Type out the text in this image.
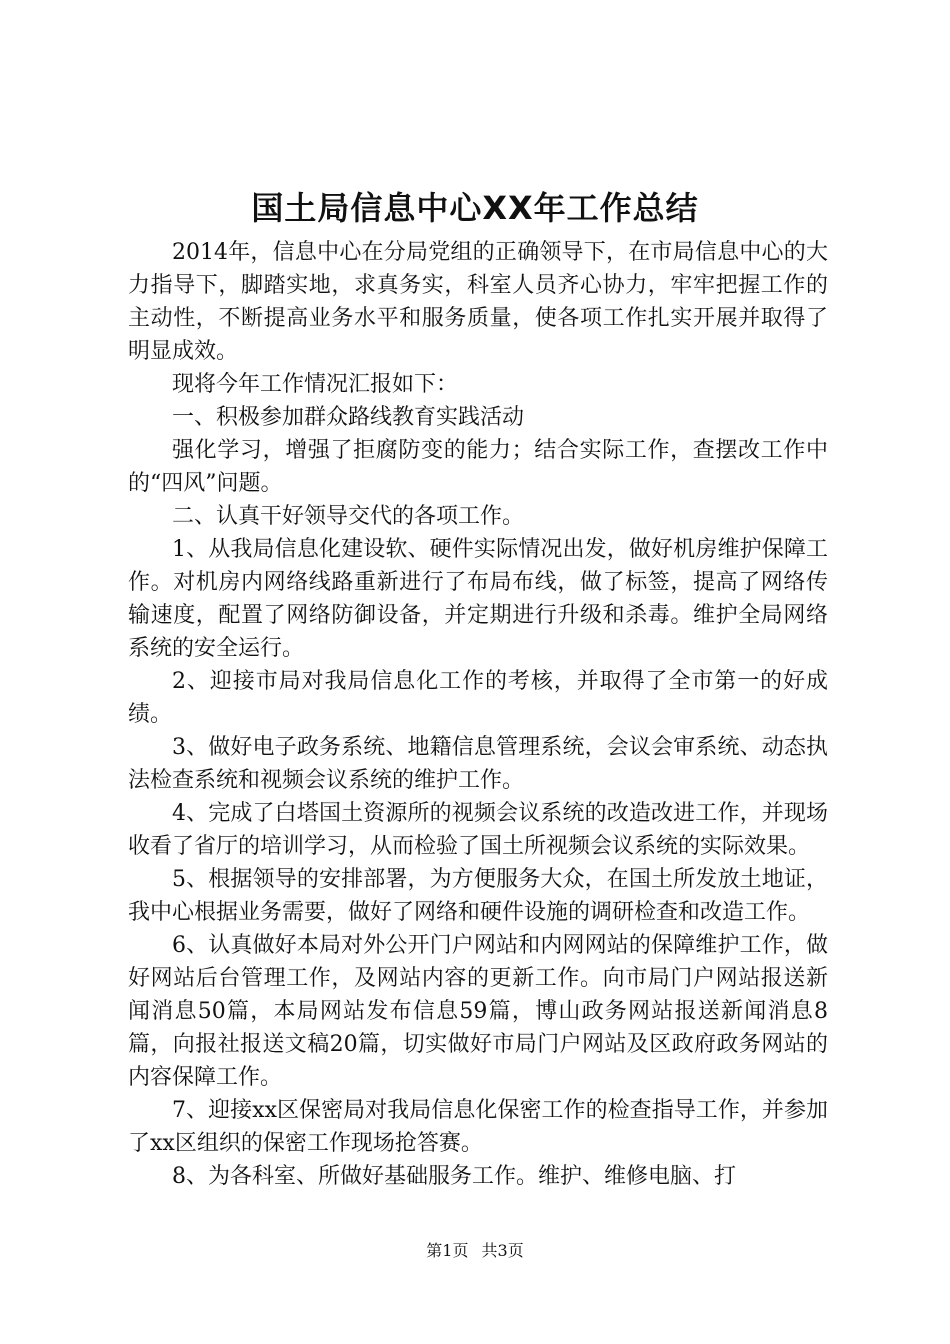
国土局信息中心XX年工作总结

2014年，信息中心在分局党组的正确领导下，在市局信息中心的大力指导下，脚踏实地，求真务实，科室人员齐心协力，牢牢把握工作的主动性，不断提高业务水平和服务质量，使各项工作扎实开展并取得了明显成效。

现将今年工作情况汇报如下：

一、积极参加群众路线教育实践活动

强化学习，增强了拒腐防变的能力；结合实际工作，查摆改工作中的“四风”问题。

二、认真干好领导交代的各项工作。

1、从我局信息化建设软、硬件实际情况出发，做好机房维护保障工作。对机房内网络线路重新进行了布局布线，做了标签，提高了网络传输速度，配置了网络防御设备，并定期进行升级和杀毒。维护全局网络系统的安全运行。

2、迎接市局对我局信息化工作的考核，并取得了全市第一的好成绩。

3、做好电子政务系统、地籍信息管理系统，会议会审系统、动态执法检查系统和视频会议系统的维护工作。

4、完成了白塔国土资源所的视频会议系统的改造改进工作，并现场收看了省厅的培训学习，从而检验了国土所视频会议系统的实际效果。

5、根据领导的安排部署，为方便服务大众，在国土所发放土地证，我中心根据业务需要，做好了网络和硬件设施的调研检查和改造工作。

6、认真做好本局对外公开门户网站和内网网站的保障维护工作，做好网站后台管理工作，及网站内容的更新工作。向市局门户网站报送新闻消息50篇，本局网站发布信息59篇，博山政务网站报送新闻消息8篇，向报社报送文稿20篇，切实做好市局门户网站及区政府政务网站的内容保障工作。

7、迎接xx区保密局对我局信息化保密工作的检查指导工作，并参加了xx区组织的保密工作现场抢答赛。

8、为各科室、所做好基础服务工作。维护、维修电脑、打

第1页 共3页
